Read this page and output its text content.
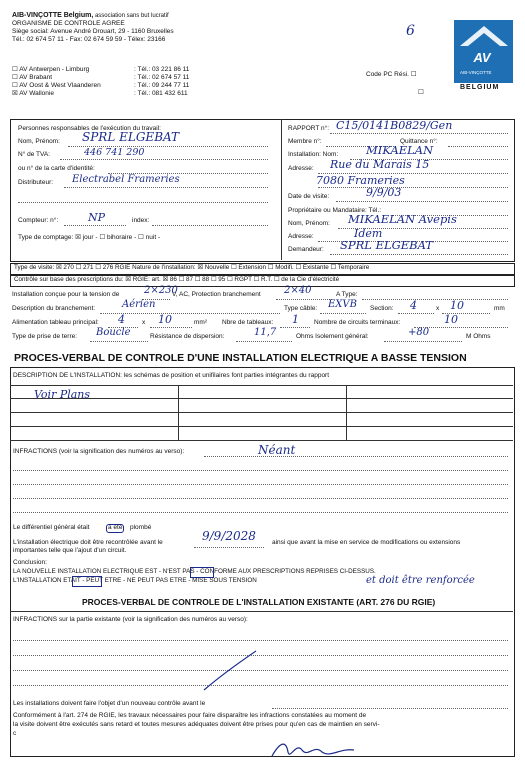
AIB-VINÇOTTE Belgium, association sans but lucratif
ORGANISME DE CONTROLE AGREE
Siège social: Avenue André Drouart, 29 - 1160 Bruxelles
Tél.: 02 674 57 11 - Fax: 02 674 59 59 - Télex: 23166
6
AV
AIB-VINÇOTTE
BELGIUM
☐ AV Antwerpen - Limburg	: Tél.: 03 221 86 11
☐ AV Brabant	: Tél.: 02 674 57 11
☐ AV Oost & West Vlaanderen	: Tél.: 09 244 77 11
☒ AV Wallonie	: Tél.: 081 432 611
Code PC Rési. ☐
☐
Personnes responsables de l'exécution du travail:
Nom, Prénom: SPRL ELGEBAT
N° de TVA:	446 741 290
ou n° de la carte d'identité:
Distributeur: Electrabel Frameries
Compteur: n°:	NP	index:
Type de comptage: ☒ jour - ☐ bihoraire - ☐ nuit -
RAPPORT n°: C15/0141B0829/Gen
Membre n°:	Quittance n°:
Installation: Nom: MIKAELAN
Adresse: Rue du Marais 15
7080 Frameries
Date de visite:	9/9/03
Propriétaire ou Mandataire: Tél.:
Nom, Prénom: MIKAELAN Avepis
Adresse:	Idem
Demandeur: SPRL ELGEBAT
Type de visite: ☒ 270 ☐ 271 ☐ 276 RGIE Nature de l'installation: ☒ Nouvelle ☐ Extension ☐ Modifi. ☐ Existante ☐ Temporaire
Contrôle sur base des prescriptions du: ☒ RGIE: art. ☒ 86 ☐ 87 ☐ 88 ☐ 95 ☐ RGPT ☐ R.T. ☐ de la Cie d'électricité
Installation conçue pour la tension de 2×230
V, AC, Protection branchement 2×40	A Type:
Description du branchement:	Aérien	Type câble: EXVB Section: 4	x 10	mm
Alimentation tableau principal: 4	x 10	mm² Nbre de tableaux: 1 Nombre de circuits terminaux:	10
Type de prise de terre: Boucle	Résistance de dispersion:	11,7	Ohms Isolement général:	+80	M Ohms
PROCES-VERBAL DE CONTROLE D'UNE INSTALLATION ELECTRIQUE A BASSE TENSION
DESCRIPTION DE L'INSTALLATION: les schémas de position et unifilaires font parties intégrantes du rapport
Voir Plans
INFRACTIONS (voir la signification des numéros au verso):	Néant
Le différentiel général était	a été	plombé
L'installation électrique doit être recontrôlée avant le	9/9/2028 ainsi que avant la mise en service de modifications ou extensions
importantes telle que l'ajout d'un circuit.
Conclusion:
LA NOUVELLE INSTALLATION ELECTRIQUE EST - N'EST PAS - CONFORME AUX PRESCRIPTIONS REPRISES CI-DESSUS.
L'INSTALLATION ETAIT - PEUT ETRE - NE PEUT PAS ETRE - MISE SOUS TENSION	et doit être renforcée
PROCES-VERBAL DE CONTROLE DE L'INSTALLATION EXISTANTE (ART. 276 DU RGIE)
INFRACTIONS sur la partie existante (voir la signification des numéros au verso):
Les installations doivent faire l'objet d'un nouveau contrôle avant le
Conformément à l'art. 274 de RGIE, les travaux nécessaires pour faire disparaître les infractions constatées au moment de
la visite doivent être exécutés sans retard et toutes mesures adéquates doivent être prises pour qu'en cas de maintien en servi-
c
